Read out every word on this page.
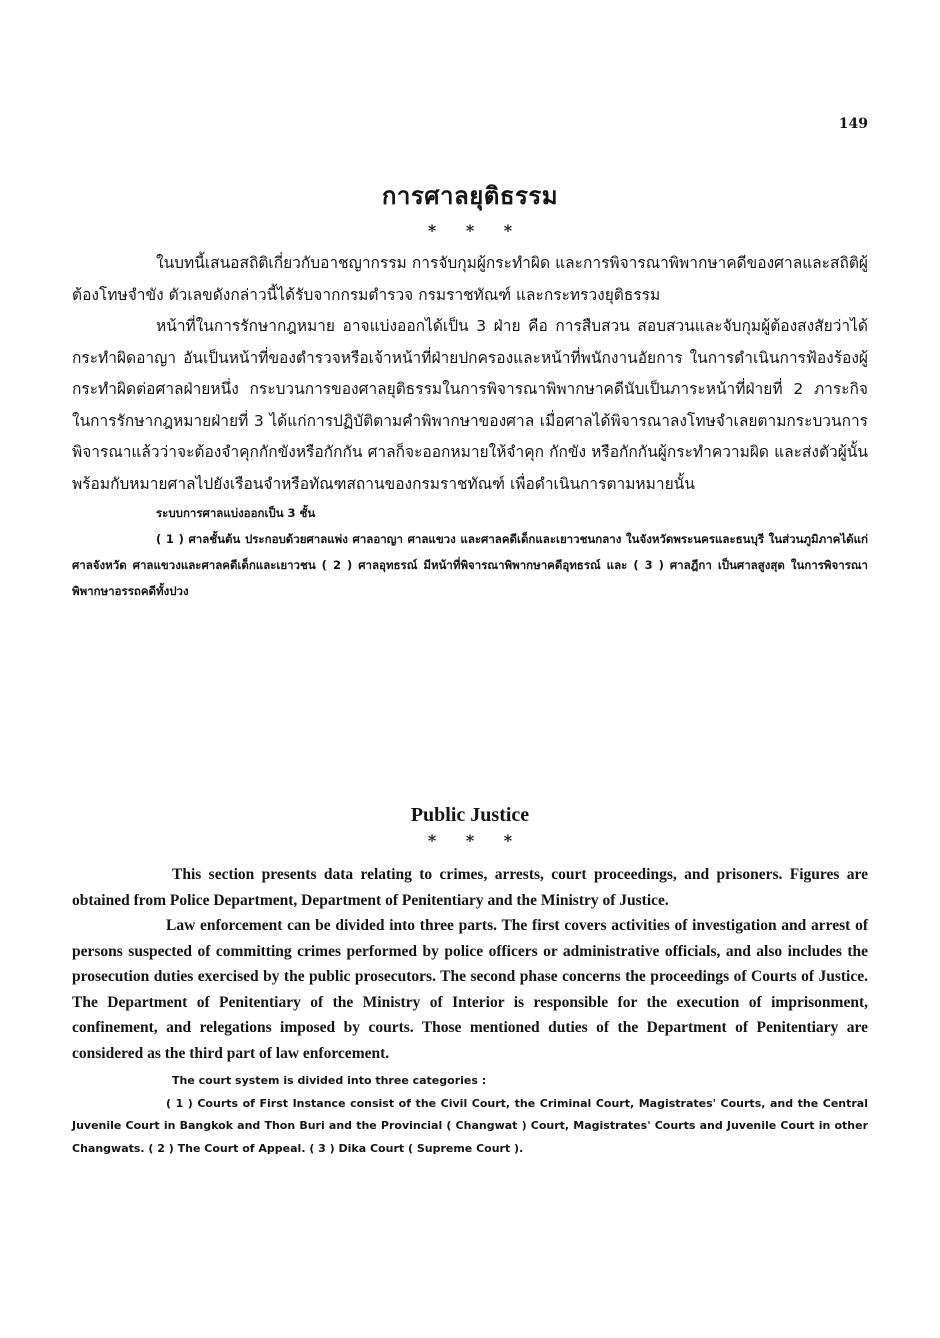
149
การศาลยุติธรรม
* * *

ในบทนี้เสนอสถิติเกี่ยวกับอาชญากรรม การจับกุมผู้กระทำผิด และการพิจารณาพิพากษาคดีของศาลและสถิติผู้ต้องโทษจำขัง ตัวเลขดังกล่าวนี้ได้รับจากกรมตำรวจ กรมราชทัณฑ์ และกระทรวงยุติธรรม

หน้าที่ในการรักษากฎหมาย อาจแบ่งออกได้เป็น 3 ฝ่าย คือ การสืบสวน สอบสวนและจับกุมผู้ต้องสงสัยว่าได้กระทำผิดอาญา อันเป็นหน้าที่ของตำรวจหรือเจ้าหน้าที่ฝ่ายปกครองและหน้าที่พนักงานอัยการ ในการดำเนินการฟ้องร้องผู้กระทำผิดต่อศาลฝ่ายหนึ่ง กระบวนการของศาลยุติธรรมในการพิจารณาพิพากษาคดีนับเป็นภาระหน้าที่ฝ่ายที่ 2 ภาระกิจในการรักษากฎหมายฝ่ายที่ 3 ได้แก่การปฏิบัติตามคำพิพากษาของศาล เมื่อศาลได้พิจารณาลงโทษจำเลยตามกระบวนการพิจารณาแล้วว่าจะต้องจำคุกกักขังหรือกักกัน ศาลก็จะออกหมายให้จำคุก กักขัง หรือกักกันผู้กระทำความผิด และส่งตัวผู้นั้นพร้อมกับหมายศาลไปยังเรือนจำหรือทัณฑสถานของกรมราชทัณฑ์ เพื่อดำเนินการตามหมายนั้น

ระบบการศาลแบ่งออกเป็น 3 ชั้น

( 1 ) ศาลชั้นต้น ประกอบด้วยศาลแพ่ง ศาลอาญา ศาลแขวง และศาลคดีเด็กและเยาวชนกลาง ในจังหวัดพระนครและธนบุรี ในส่วนภูมิภาคได้แก่ศาลจังหวัด ศาลแขวงและศาลคดีเด็กและเยาวชน ( 2 ) ศาลอุทธรณ์ มีหน้าที่พิจารณาพิพากษาคดีอุทธรณ์ และ ( 3 ) ศาลฎีกา เป็นศาลสูงสุด ในการพิจารณาพิพากษาอรรถคดีทั้งปวง

Public Justice
* * *

This section presents data relating to crimes, arrests, court proceedings, and prisoners. Figures are obtained from Police Department, Department of Penitentiary and the Ministry of Justice.

Law enforcement can be divided into three parts. The first covers activities of investigation and arrest of persons suspected of committing crimes performed by police officers or administrative officials, and also includes the prosecution duties exercised by the public prosecutors. The second phase concerns the proceedings of Courts of Justice. The Department of Penitentiary of the Ministry of Interior is responsible for the execution of imprisonment, confinement, and relegations imposed by courts. Those mentioned duties of the Department of Penitentiary are considered as the third part of law enforcement.

The court system is divided into three categories :

( 1 ) Courts of First Instance consist of the Civil Court, the Criminal Court, Magistrates' Courts, and the Central Juvenile Court in Bangkok and Thon Buri and the Provincial ( Changwat ) Court, Magistrates' Courts and Juvenile Court in other Changwats. ( 2 ) The Court of Appeal. ( 3 ) Dika Court ( Supreme Court ).
